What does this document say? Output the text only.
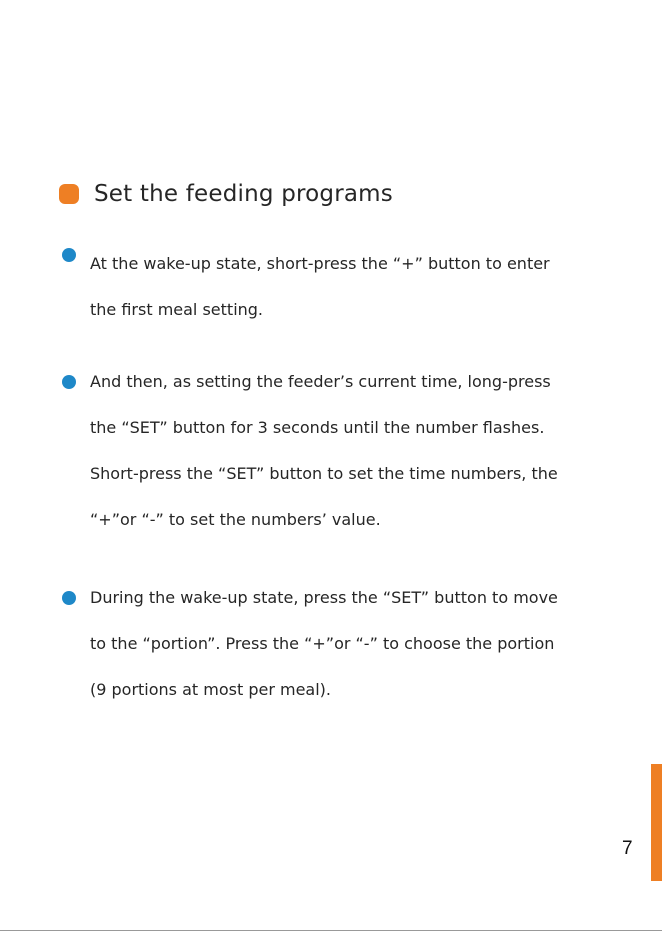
Set the feeding programs
At the wake-up state, short-press the “+” button to enter
the first meal setting.
And then, as setting the feeder’s current time, long-press
the “SET” button for 3 seconds until the number flashes.
Short-press the “SET” button to set the time numbers, the
“+”or “-” to set the numbers’ value.
During the wake-up state, press the “SET” button to move
to the “portion”. Press the “+”or “-” to choose the portion
(9 portions at most per meal).
7
